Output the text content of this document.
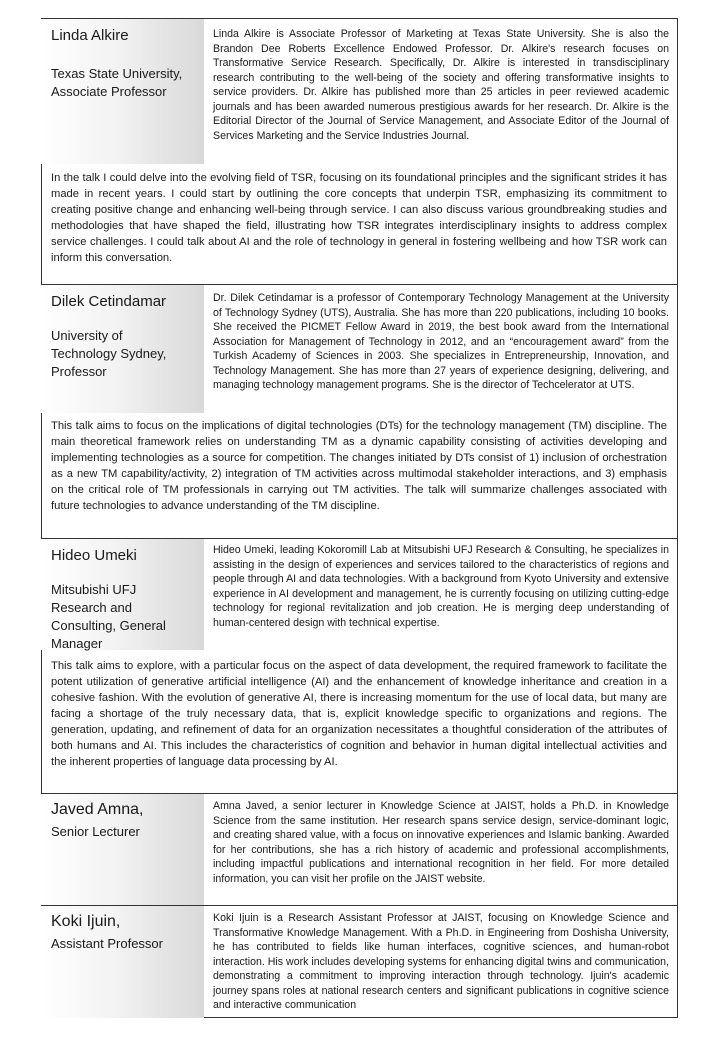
Linda Alkire
Texas State University, Associate Professor
Linda Alkire is Associate Professor of Marketing at Texas State University. She is also the Brandon Dee Roberts Excellence Endowed Professor. Dr. Alkire's research focuses on Transformative Service Research. Specifically, Dr. Alkire is interested in transdisciplinary research contributing to the well-being of the society and offering transformative insights to service providers. Dr. Alkire has published more than 25 articles in peer reviewed academic journals and has been awarded numerous prestigious awards for her research. Dr. Alkire is the Editorial Director of the Journal of Service Management, and Associate Editor of the Journal of Services Marketing and the Service Industries Journal.
In the talk I could delve into the evolving field of TSR, focusing on its foundational principles and the significant strides it has made in recent years. I could start by outlining the core concepts that underpin TSR, emphasizing its commitment to creating positive change and enhancing well-being through service. I can also discuss various groundbreaking studies and methodologies that have shaped the field, illustrating how TSR integrates interdisciplinary insights to address complex service challenges. I could talk about AI and the role of technology in general in fostering wellbeing and how TSR work can inform this conversation.
Dilek Cetindamar
University of Technology Sydney, Professor
Dr. Dilek Cetindamar is a professor of Contemporary Technology Management at the University of Technology Sydney (UTS), Australia. She has more than 220 publications, including 10 books. She received the PICMET Fellow Award in 2019, the best book award from the International Association for Management of Technology in 2012, and an “encouragement award” from the Turkish Academy of Sciences in 2003. She specializes in Entrepreneurship, Innovation, and Technology Management. She has more than 27 years of experience designing, delivering, and managing technology management programs. She is the director of Techcelerator at UTS.
This talk aims to focus on the implications of digital technologies (DTs) for the technology management (TM) discipline. The main theoretical framework relies on understanding TM as a dynamic capability consisting of activities developing and implementing technologies as a source for competition. The changes initiated by DTs consist of 1) inclusion of orchestration as a new TM capability/activity, 2) integration of TM activities across multimodal stakeholder interactions, and 3) emphasis on the critical role of TM professionals in carrying out TM activities. The talk will summarize challenges associated with future technologies to advance understanding of the TM discipline.
Hideo Umeki
Mitsubishi UFJ Research and Consulting, General Manager
Hideo Umeki, leading Kokoromill Lab at Mitsubishi UFJ Research & Consulting, he specializes in assisting in the design of experiences and services tailored to the characteristics of regions and people through AI and data technologies. With a background from Kyoto University and extensive experience in AI development and management, he is currently focusing on utilizing cutting-edge technology for regional revitalization and job creation. He is merging deep understanding of human-centered design with technical expertise.
This talk aims to explore, with a particular focus on the aspect of data development, the required framework to facilitate the potent utilization of generative artificial intelligence (AI) and the enhancement of knowledge inheritance and creation in a cohesive fashion. With the evolution of generative AI, there is increasing momentum for the use of local data, but many are facing a shortage of the truly necessary data, that is, explicit knowledge specific to organizations and regions. The generation, updating, and refinement of data for an organization necessitates a thoughtful consideration of the attributes of both humans and AI. This includes the characteristics of cognition and behavior in human digital intellectual activities and the inherent properties of language data processing by AI.
Javed Amna,
Senior Lecturer
Amna Javed, a senior lecturer in Knowledge Science at JAIST, holds a Ph.D. in Knowledge Science from the same institution. Her research spans service design, service-dominant logic, and creating shared value, with a focus on innovative experiences and Islamic banking. Awarded for her contributions, she has a rich history of academic and professional accomplishments, including impactful publications and international recognition in her field. For more detailed information, you can visit her profile on the JAIST website.
Koki Ijuin,
Assistant Professor
Koki Ijuin is a Research Assistant Professor at JAIST, focusing on Knowledge Science and Transformative Knowledge Management. With a Ph.D. in Engineering from Doshisha University, he has contributed to fields like human interfaces, cognitive sciences, and human-robot interaction. His work includes developing systems for enhancing digital twins and communication, demonstrating a commitment to improving interaction through technology. Ijuin's academic journey spans roles at national research centers and significant publications in cognitive science and interactive communication
